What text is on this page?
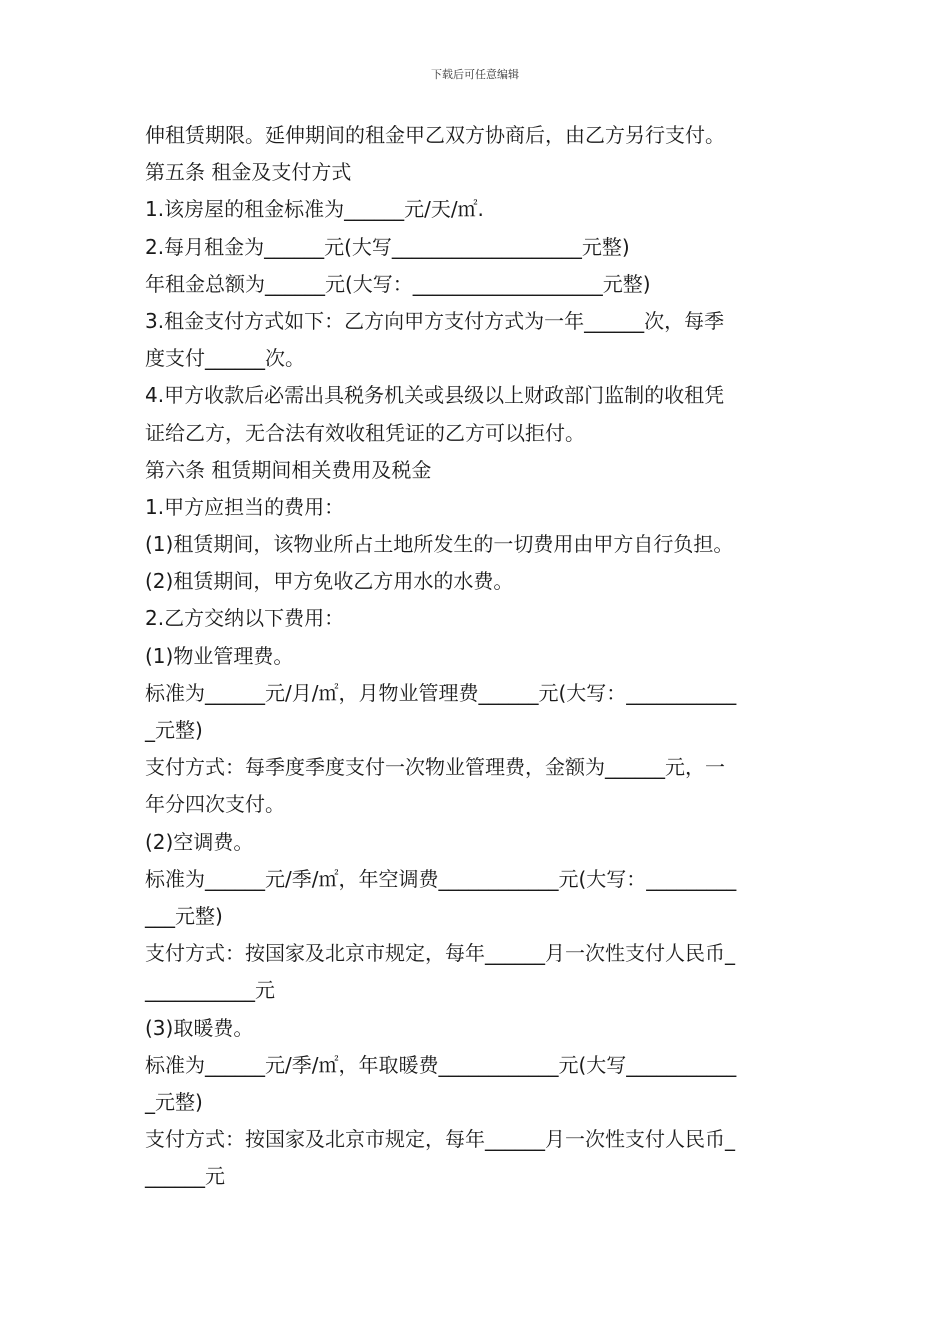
下载后可任意编辑
伸租赁期限。延伸期间的租金甲乙双方协商后，由乙方另行支付。
第五条 租金及支付方式
1.该房屋的租金标准为______元/天/㎡.
2.每月租金为______元(大写___________________元整)
年租金总额为______元(大写：___________________元整)
3.租金支付方式如下：乙方向甲方支付方式为一年______次，每季
度支付______次。
4.甲方收款后必需出具税务机关或县级以上财政部门监制的收租凭
证给乙方，无合法有效收租凭证的乙方可以拒付。
第六条 租赁期间相关费用及税金
1.甲方应担当的费用：
(1)租赁期间，该物业所占土地所发生的一切费用由甲方自行负担。
(2)租赁期间，甲方免收乙方用水的水费。
2.乙方交纳以下费用：
(1)物业管理费。
标准为______元/月/㎡，月物业管理费______元(大写：___________
_元整)
支付方式：每季度季度支付一次物业管理费，金额为______元，一
年分四次支付。
(2)空调费。
标准为______元/季/㎡，年空调费____________元(大写：_________
___元整)
支付方式：按国家及北京市规定，每年______月一次性支付人民币_
___________元
(3)取暖费。
标准为______元/季/㎡，年取暖费____________元(大写___________
_元整)
支付方式：按国家及北京市规定，每年______月一次性支付人民币_
______元
